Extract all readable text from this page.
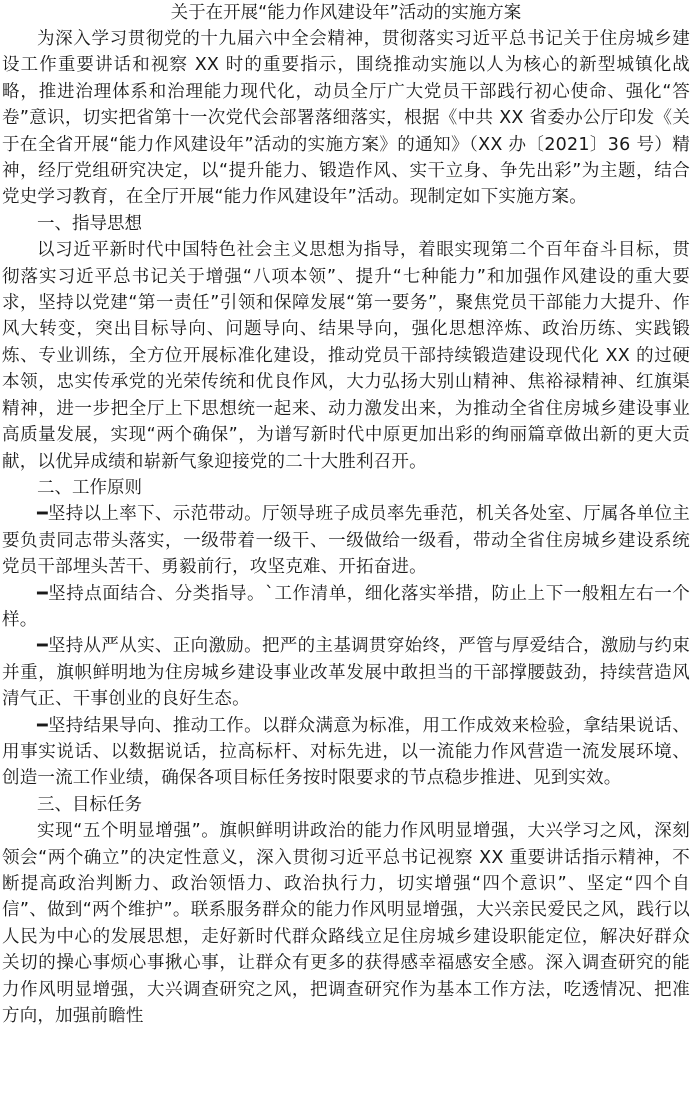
关于在开展“能力作风建设年”活动的实施方案

为深入学习贯彻党的十九届六中全会精神，贯彻落实习近平总书记关于住房城乡建设工作重要讲话和视察 XX 时的重要指示，围绕推动实施以人为核心的新型城镇化战略，推进治理体系和治理能力现代化，动员全厅广大党员干部践行初心使命、强化“答卷”意识，切实把省第十一次党代会部署落细落实，根据《中共 XX 省委办公厅印发《关于在全省开展“能力作风建设年”活动的实施方案》的通知》（XX 办〔2021〕36 号）精神，经厅党组研究决定，以“提升能力、锻造作风、实干立身、争先出彩”为主题，结合党史学习教育，在全厅开展“能力作风建设年”活动。现制定如下实施方案。

一、指导思想

以习近平新时代中国特色社会主义思想为指导，着眼实现第二个百年奋斗目标，贯彻落实习近平总书记关于增强“八项本领”、提升“七种能力”和加强作风建设的重大要求，坚持以党建“第一责任”引领和保障发展“第一要务”，聚焦党员干部能力大提升、作风大转变，突出目标导向、问题导向、结果导向，强化思想淬炼、政治历练、实践锻炼、专业训练，全方位开展标准化建设，推动党员干部持续锻造建设现代化 XX 的过硬本领，忠实传承党的光荣传统和优良作风，大力弘扬大别山精神、焦裕禄精神、红旗渠精神，进一步把全厅上下思想统一起来、动力激发出来，为推动全省住房城乡建设事业高质量发展，实现“两个确保”，为谱写新时代中原更加出彩的绚丽篇章做出新的更大贡献，以优异成绩和崭新气象迎接党的二十大胜利召开。

二、工作原则

━坚持以上率下、示范带动。厅领导班子成员率先垂范，机关各处室、厅属各单位主要负责同志带头落实，一级带着一级干、一级做给一级看，带动全省住房城乡建设系统党员干部埋头苦干、勇毅前行，攻坚克难、开拓奋进。

━坚持点面结合、分类指导。`工作清单，细化落实举措，防止上下一般粗左右一个样。

━坚持从严从实、正向激励。把严的主基调贯穿始终，严管与厚爱结合，激励与约束并重，旗帜鲜明地为住房城乡建设事业改革发展中敢担当的干部撑腰鼓劲，持续营造风清气正、干事创业的良好生态。

━坚持结果导向、推动工作。以群众满意为标准，用工作成效来检验，拿结果说话、用事实说话、以数据说话，拉高标杆、对标先进，以一流能力作风营造一流发展环境、创造一流工作业绩，确保各项目标任务按时限要求的节点稳步推进、见到实效。

三、目标任务

实现“五个明显增强”。旗帜鲜明讲政治的能力作风明显增强，大兴学习之风，深刻领会“两个确立”的决定性意义，深入贯彻习近平总书记视察 XX 重要讲话指示精神，不断提高政治判断力、政治领悟力、政治执行力，切实增强“四个意识”、坚定“四个自信”、做到“两个维护”。联系服务群众的能力作风明显增强，大兴亲民爱民之风，践行以人民为中心的发展思想，走好新时代群众路线立足住房城乡建设职能定位，解决好群众关切的操心事烦心事揪心事，让群众有更多的获得感幸福感安全感。深入调查研究的能力作风明显增强，大兴调查研究之风，把调查研究作为基本工作方法，吃透情况、把准方向，加强前瞻性
